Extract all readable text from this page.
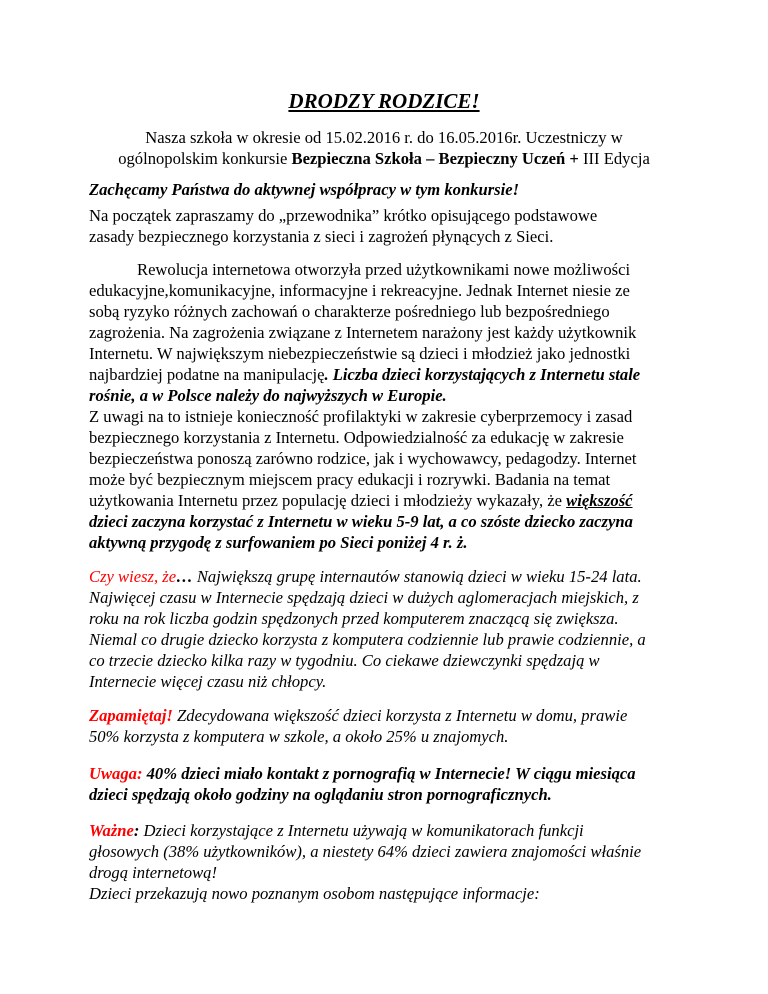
DRODZY RODZICE!
Nasza szkoła w okresie od 15.02.2016 r. do 16.05.2016r. Uczestniczy w
ogólnopolskim konkursie Bezpieczna Szkoła – Bezpieczny Uczeń + III Edycja
Zachęcamy Państwa do aktywnej współpracy w tym konkursie!
Na początek zapraszamy do „przewodnika” krótko opisującego podstawowe
zasady bezpiecznego korzystania z sieci i zagrożeń płynących z Sieci.
Rewolucja internetowa otworzyła przed użytkownikami nowe możliwości
edukacyjne,komunikacyjne, informacyjne i rekreacyjne. Jednak Internet niesie ze
sobą ryzyko różnych zachowań o charakterze pośredniego lub bezpośredniego
zagrożenia. Na zagrożenia związane z Internetem narażony jest każdy użytkownik
Internetu. W największym niebezpieczeństwie są dzieci i młodzież jako jednostki
najbardziej podatne na manipulację. Liczba dzieci korzystających z Internetu stale
rośnie, a w Polsce należy do najwyższych w Europie.
Z uwagi na to istnieje konieczność profilaktyki w zakresie cyberprzemocy i zasad
bezpiecznego korzystania z Internetu. Odpowiedzialność za edukację w zakresie
bezpieczeństwa ponoszą zarówno rodzice, jak i wychowawcy, pedagodzy. Internet
może być bezpiecznym miejscem pracy edukacji i rozrywki. Badania na temat
użytkowania Internetu przez populację dzieci i młodzieży wykazały, że większość
dzieci zaczyna korzystać z Internetu w wieku 5-9 lat, a co szóste dziecko zaczyna
aktywną przygodę z surfowaniem po Sieci poniżej 4 r. ż.
Czy wiesz, że… Największą grupę internautów stanowią dzieci w wieku 15-24 lata.
Najwięcej czasu w Internecie spędzają dzieci w dużych aglomeracjach miejskich, z
roku na rok liczba godzin spędzonych przed komputerem znaczącą się zwiększa.
Niemal co drugie dziecko korzysta z komputera codziennie lub prawie codziennie, a
co trzecie dziecko kilka razy w tygodniu. Co ciekawe dziewczynki spędzają w
Internecie więcej czasu niż chłopcy.
Zapamiętaj! Zdecydowana większość dzieci korzysta z Internetu w domu, prawie
50% korzysta z komputera w szkole, a około 25% u znajomych.
Uwaga: 40% dzieci miało kontakt z pornografią w Internecie! W ciągu miesiąca
dzieci spędzają około godziny na oglądaniu stron pornograficznych.
Ważne: Dzieci korzystające z Internetu używają w komunikatorach funkcji
głosowych (38% użytkowników), a niestety 64% dzieci zawiera znajomości właśnie
drogą internetową!
Dzieci przekazują nowo poznanym osobom następujące informacje:
